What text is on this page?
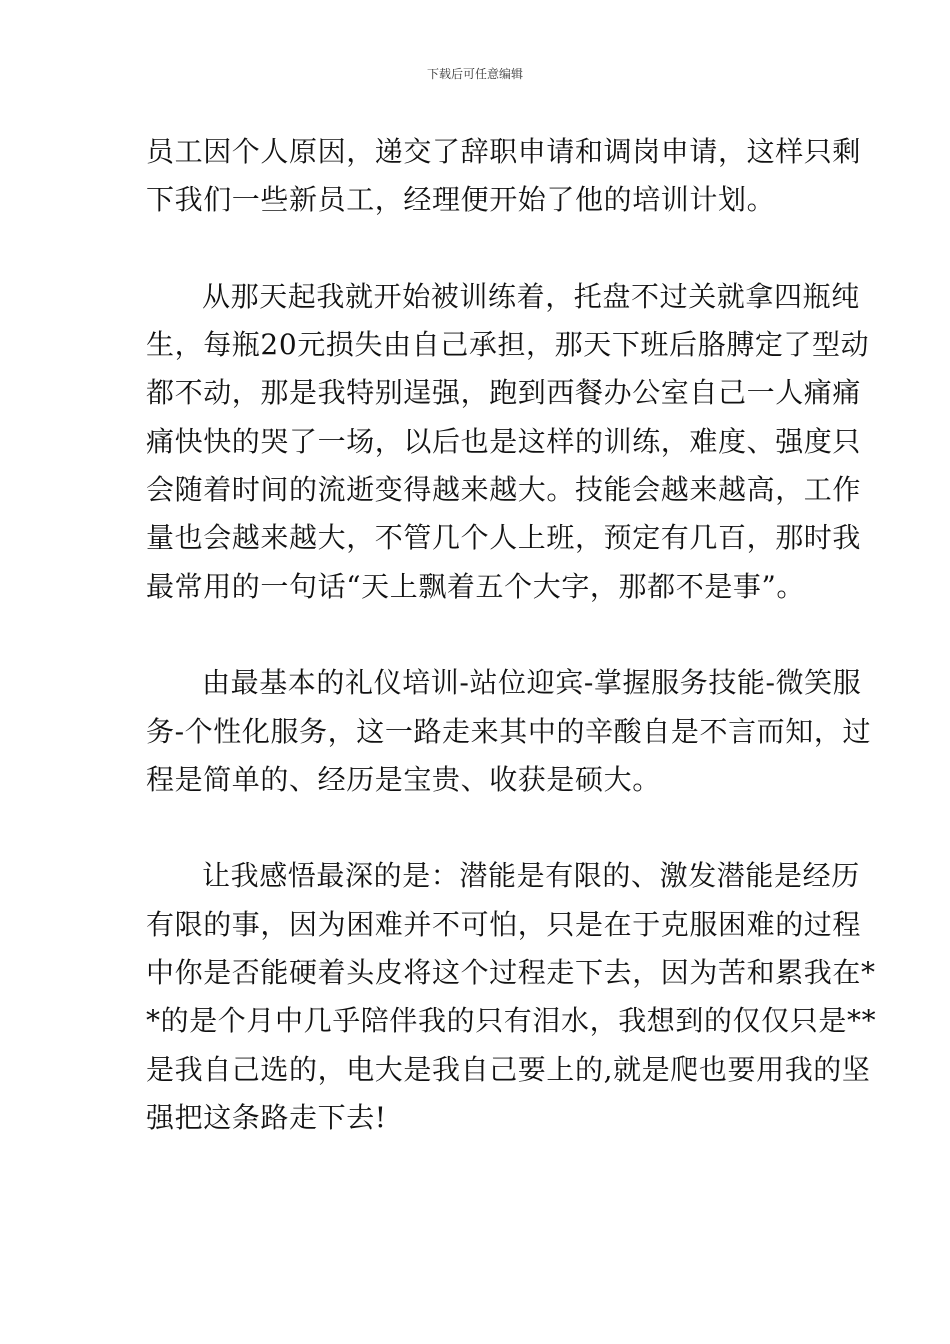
下载后可任意编辑
员工因个人原因，递交了辞职申请和调岗申请，这样只剩
下我们一些新员工，经理便开始了他的培训计划。
从那天起我就开始被训练着，托盘不过关就拿四瓶纯
生，每瓶20元损失由自己承担，那天下班后胳膊定了型动
都不动，那是我特别逞强，跑到西餐办公室自己一人痛痛
痛快快的哭了一场，以后也是这样的训练，难度、强度只
会随着时间的流逝变得越来越大。技能会越来越高，工作
量也会越来越大，不管几个人上班，预定有几百，那时我
最常用的一句话“天上飘着五个大字，那都不是事”。
由最基本的礼仪培训-站位迎宾-掌握服务技能-微笑服
务-个性化服务，这一路走来其中的辛酸自是不言而知，过
程是简单的、经历是宝贵、收获是硕大。
让我感悟最深的是：潜能是有限的、激发潜能是经历
有限的事，因为困难并不可怕，只是在于克服困难的过程
中你是否能硬着头皮将这个过程走下去，因为苦和累我在*
*的是个月中几乎陪伴我的只有泪水，我想到的仅仅只是**
是我自己选的，电大是我自己要上的,就是爬也要用我的坚
强把这条路走下去!
